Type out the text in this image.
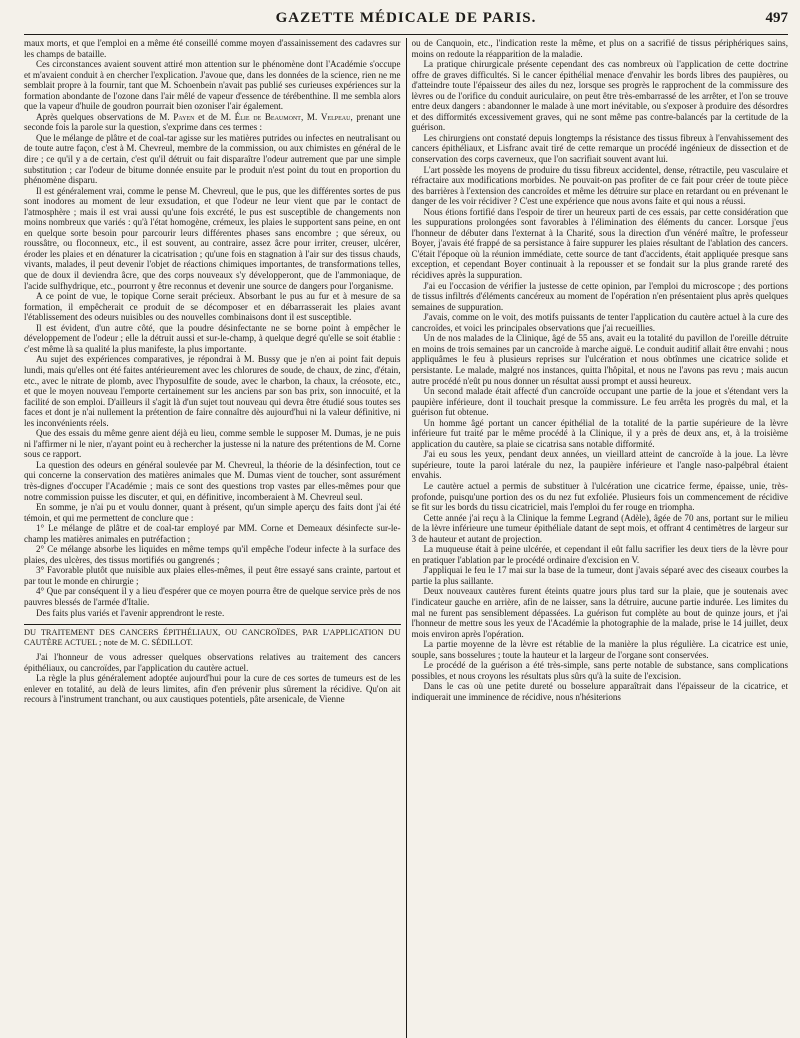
GAZETTE MÉDICALE DE PARIS.	497

maux morts, et que l'emploi en a même été conseillé comme moyen d'assainissement des cadavres sur les champs de bataille.

Ces circonstances avaient souvent attiré mon attention sur le phénomène dont l'Académie s'occupe et m'avaient conduit à en chercher l'explication. J'avoue que, dans les données de la science, rien ne me semblait propre à la fournir, tant que M. Schoenbein n'avait pas publié ses curieuses expériences sur la formation abondante de l'ozone dans l'air mêlé de vapeur d'essence de térébenthine. Il me sembla alors que la vapeur d'huile de goudron pourrait bien ozoniser l'air également.

Après quelques observations de M. Payen et de M. Élie de Beaumont, M. Velpeau, prenant une seconde fois la parole sur la question, s'exprime dans ces termes :

Que le mélange de plâtre et de coal-tar agisse sur les matières putrides ou infectes en neutralisant ou de toute autre façon, c'est à M. Chevreul, membre de la commission, ou aux chimistes en général de le dire ; ce qu'il y a de certain, c'est qu'il détruit ou fait disparaître l'odeur autrement que par une simple substitution ; car l'odeur de bitume donnée ensuite par le produit n'est point du tout en proportion du phénomène disparu.

Il est généralement vrai, comme le pense M. Chevreul, que le pus, que les différentes sortes de pus sont inodores au moment de leur exsudation, et que l'odeur ne leur vient que par le contact de l'atmosphère ; mais il est vrai aussi qu'une fois excrété, le pus est susceptible de changements non moins nombreux que variés : qu'à l'état homogène, crémeux, les plaies le supportent sans peine, en ont en quelque sorte besoin pour parcourir leurs différentes phases sans encombre ; que séreux, ou roussâtre, ou floconneux, etc., il est souvent, au contraire, assez âcre pour irriter, creuser, ulcérer, éroder les plaies et en dénaturer la cicatrisation ; qu'une fois en stagnation à l'air sur des tissus chauds, vivants, malades, il peut devenir l'objet de réactions chimiques importantes, de transformations telles, que de doux il deviendra âcre, que des corps nouveaux s'y développeront, que de l'ammoniaque, de l'acide sulfhydrique, etc., pourront y être reconnus et devenir une source de dangers pour l'organisme.

A ce point de vue, le topique Corne serait précieux. Absorbant le pus au fur et à mesure de sa formation, il empêcherait ce produit de se décomposer et en débarrasserait les plaies avant l'établissement des odeurs nuisibles ou des nouvelles combinaisons dont il est susceptible.

Il est évident, d'un autre côté, que la poudre désinfectante ne se borne point à empêcher le développement de l'odeur ; elle la détruit aussi et sur-le-champ, à quelque degré qu'elle se soit établie : c'est même là sa qualité la plus manifeste, la plus importante.

Au sujet des expériences comparatives, je répondrai à M. Bussy que je n'en ai point fait depuis lundi, mais qu'elles ont été faites antérieurement avec les chlorures de soude, de chaux, de zinc, d'étain, etc., avec le nitrate de plomb, avec l'hyposulfite de soude, avec le charbon, la chaux, la créosote, etc., et que le moyen nouveau l'emporte certainement sur les anciens par son bas prix, son innocuité, et la facilité de son emploi. D'ailleurs il s'agit là d'un sujet tout nouveau qui devra être étudié sous toutes ses faces et dont je n'ai nullement la prétention de faire connaître dès aujourd'hui ni la valeur définitive, ni les inconvénients réels.

Que des essais du même genre aient déjà eu lieu, comme semble le supposer M. Dumas, je ne puis ni l'affirmer ni le nier, n'ayant point eu à rechercher la justesse ni la nature des prétentions de M. Corne sous ce rapport.

La question des odeurs en général soulevée par M. Chevreul, la théorie de la désinfection, tout ce qui concerne la conservation des matières animales que M. Dumas vient de toucher, sont assurément très-dignes d'occuper l'Académie ; mais ce sont des questions trop vastes par elles-mêmes pour que notre commission puisse les discuter, et qui, en définitive, incomberaient à M. Chevreul seul.

En somme, je n'ai pu et voulu donner, quant à présent, qu'un simple aperçu des faits dont j'ai été témoin, et qui me permettent de conclure que :

1° Le mélange de plâtre et de coal-tar employé par MM. Corne et Demeaux désinfecte sur-le-champ les matières animales en putréfaction ;

2° Ce mélange absorbe les liquides en même temps qu'il empêche l'odeur infecte à la surface des plaies, des ulcères, des tissus mortifiés ou gangrenés ;

3° Favorable plutôt que nuisible aux plaies elles-mêmes, il peut être essayé sans crainte, partout et par tout le monde en chirurgie ;

4° Que par conséquent il y a lieu d'espérer que ce moyen pourra être de quelque service près de nos pauvres blessés de l'armée d'Italie.

Des faits plus variés et l'avenir apprendront le reste.

DU TRAITEMENT DES CANCERS ÉPITHÉLIAUX, OU CANCROÏDES, PAR L'APPLICATION DU CAUTÈRE ACTUEL ; note de M. C. SÉDILLOT.

J'ai l'honneur de vous adresser quelques observations relatives au traitement des cancers épithéliaux, ou cancroïdes, par l'application du cautère actuel.

La règle la plus généralement adoptée aujourd'hui pour la cure de ces sortes de tumeurs est de les enlever en totalité, au delà de leurs limites, afin d'en prévenir plus sûrement la récidive. Qu'on ait recours à l'instrument tranchant, ou aux caustiques potentiels, pâte arsenicale, de Vienne

ou de Canquoin, etc., l'indication reste la même, et plus on a sacrifié de tissus périphériques sains, moins on redoute la réapparition de la maladie.

La pratique chirurgicale présente cependant des cas nombreux où l'application de cette doctrine offre de graves difficultés. Si le cancer épithélial menace d'envahir les bords libres des paupières, ou d'atteindre toute l'épaisseur des ailes du nez, lorsque ses progrès le rapprochent de la commissure des lèvres ou de l'orifice du conduit auriculaire, on peut être très-embarrassé de les arrêter, et l'on se trouve entre deux dangers : abandonner le malade à une mort inévitable, ou s'exposer à produire des désordres et des difformités excessivement graves, qui ne sont même pas contre-balancés par la certitude de la guérison.

Les chirurgiens ont constaté depuis longtemps la résistance des tissus fibreux à l'envahissement des cancers épithéliaux, et Lisfranc avait tiré de cette remarque un procédé ingénieux de dissection et de conservation des corps caverneux, que l'on sacrifiait souvent avant lui.

L'art possède les moyens de produire du tissu fibreux accidentel, dense, rétractile, peu vasculaire et réfractaire aux modifications morbides. Ne pouvait-on pas profiter de ce fait pour créer de toute pièce des barrières à l'extension des cancroïdes et même les détruire sur place en retardant ou en prévenant le danger de les voir récidiver ? C'est une expérience que nous avons faite et qui nous a réussi.

Nous étions fortifié dans l'espoir de tirer un heureux parti de ces essais, par cette considération que les suppurations prolongées sont favorables à l'élimination des éléments du cancer. Lorsque j'eus l'honneur de débuter dans l'externat à la Charité, sous la direction d'un vénéré maître, le professeur Boyer, j'avais été frappé de sa persistance à faire suppurer les plaies résultant de l'ablation des cancers. C'était l'époque où la réunion immédiate, cette source de tant d'accidents, était appliquée presque sans exception, et cependant Boyer continuait à la repousser et se fondait sur la plus grande rareté des récidives après la suppuration.

J'ai eu l'occasion de vérifier la justesse de cette opinion, par l'emploi du microscope ; des portions de tissus infiltrés d'éléments cancéreux au moment de l'opération n'en présentaient plus après quelques semaines de suppuration.

J'avais, comme on le voit, des motifs puissants de tenter l'application du cautère actuel à la cure des cancroïdes, et voici les principales observations que j'ai recueillies.

Un de nos malades de la Clinique, âgé de 55 ans, avait eu la totalité du pavillon de l'oreille détruite en moins de trois semaines par un cancroïde à marche aiguë. Le conduit auditif allait être envahi ; nous appliquâmes le feu à plusieurs reprises sur l'ulcération et nous obtînmes une cicatrice solide et persistante. Le malade, malgré nos instances, quitta l'hôpital, et nous ne l'avons pas revu ; mais aucun autre procédé n'eût pu nous donner un résultat aussi prompt et aussi heureux.

Un second malade était affecté d'un cancroïde occupant une partie de la joue et s'étendant vers la paupière inférieure, dont il touchait presque la commissure. Le feu arrêta les progrès du mal, et la guérison fut obtenue.

Un homme âgé portant un cancer épithélial de la totalité de la partie supérieure de la lèvre inférieure fut traité par le même procédé à la Clinique, il y a près de deux ans, et, à la troisième application du cautère, sa plaie se cicatrisa sans notable difformité.

J'ai eu sous les yeux, pendant deux années, un vieillard atteint de cancroïde à la joue. La lèvre supérieure, toute la paroi latérale du nez, la paupière inférieure et l'angle naso-palpébral étaient envahis.

Le cautère actuel a permis de substituer à l'ulcération une cicatrice ferme, épaisse, unie, très-profonde, puisqu'une portion des os du nez fut exfoliée. Plusieurs fois un commencement de récidive se fit sur les bords du tissu cicatriciel, mais l'emploi du fer rouge en triompha.

Cette année j'ai reçu à la Clinique la femme Legrand (Adèle), âgée de 70 ans, portant sur le milieu de la lèvre inférieure une tumeur épithéliale datant de sept mois, et offrant 4 centimètres de largeur sur 3 de hauteur et autant de projection.

La muqueuse était à peine ulcérée, et cependant il eût fallu sacrifier les deux tiers de la lèvre pour en pratiquer l'ablation par le procédé ordinaire d'excision en V.

J'appliquai le feu le 17 mai sur la base de la tumeur, dont j'avais séparé avec des ciseaux courbes la partie la plus saillante.

Deux nouveaux cautères furent éteints quatre jours plus tard sur la plaie, que je soutenais avec l'indicateur gauche en arrière, afin de ne laisser, sans la détruire, aucune partie indurée. Les limites du mal ne furent pas sensiblement dépassées. La guérison fut complète au bout de quinze jours, et j'ai l'honneur de mettre sous les yeux de l'Académie la photographie de la malade, prise le 14 juillet, deux mois environ après l'opération.

La partie moyenne de la lèvre est rétablie de la manière la plus régulière. La cicatrice est unie, souple, sans bosselures ; toute la hauteur et la largeur de l'organe sont conservées.

Le procédé de la guérison a été très-simple, sans perte notable de substance, sans complications possibles, et nous croyons les résultats plus sûrs qu'à la suite de l'excision.

Dans le cas où une petite dureté ou bosselure apparaîtrait dans l'épaisseur de la cicatrice, et indiquerait une imminence de récidive, nous n'hésiterions
